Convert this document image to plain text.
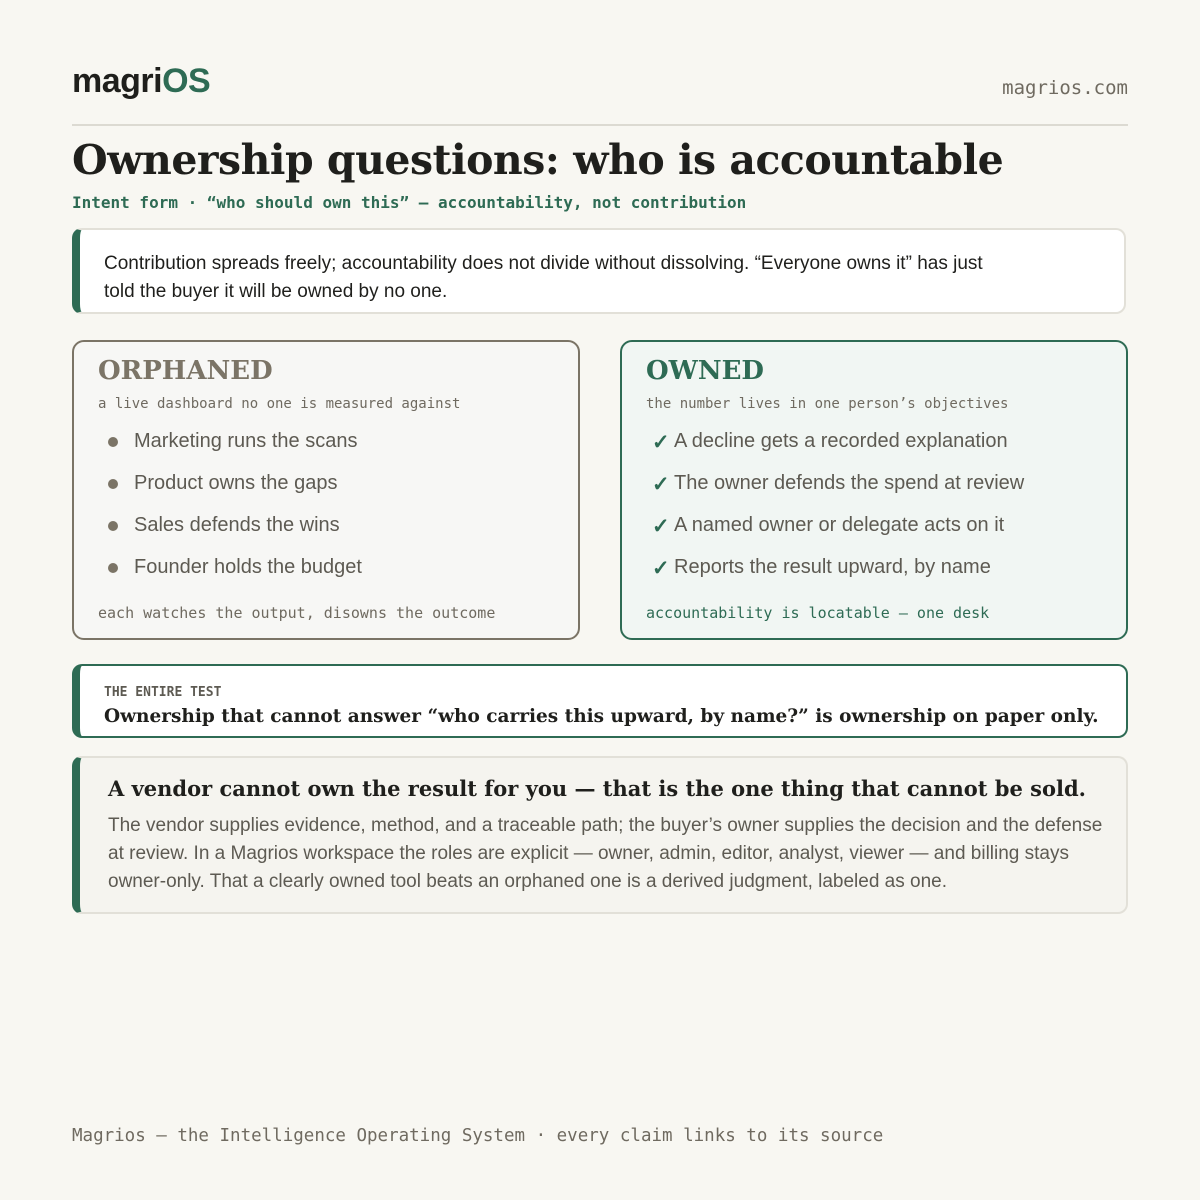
magriOS	magrios.com
Ownership questions: who is accountable
Intent form · “who should own this” — accountability, not contribution

Contribution spreads freely; accountability does not divide without dissolving. “Everyone owns it” has just told the buyer it will be owned by no one.

ORPHANED
a live dashboard no one is measured against
Marketing runs the scans
Product owns the gaps
Sales defends the wins
Founder holds the budget
each watches the output, disowns the outcome
OWNED
the number lives in one person’s objectives
✓ A decline gets a recorded explanation
✓ The owner defends the spend at review
✓ A named owner or delegate acts on it
✓ Reports the result upward, by name
accountability is locatable — one desk
THE ENTIRE TEST
Ownership that cannot answer “who carries this upward, by name?” is ownership on paper only.
A vendor cannot own the result for you — that is the one thing that cannot be sold.

The vendor supplies evidence, method, and a traceable path; the buyer’s owner supplies the decision and the defense at review. In a Magrios workspace the roles are explicit — owner, admin, editor, analyst, viewer — and billing stays owner-only. That a clearly owned tool beats an orphaned one is a derived judgment, labeled as one.

Magrios — the Intelligence Operating System · every claim links to its source
